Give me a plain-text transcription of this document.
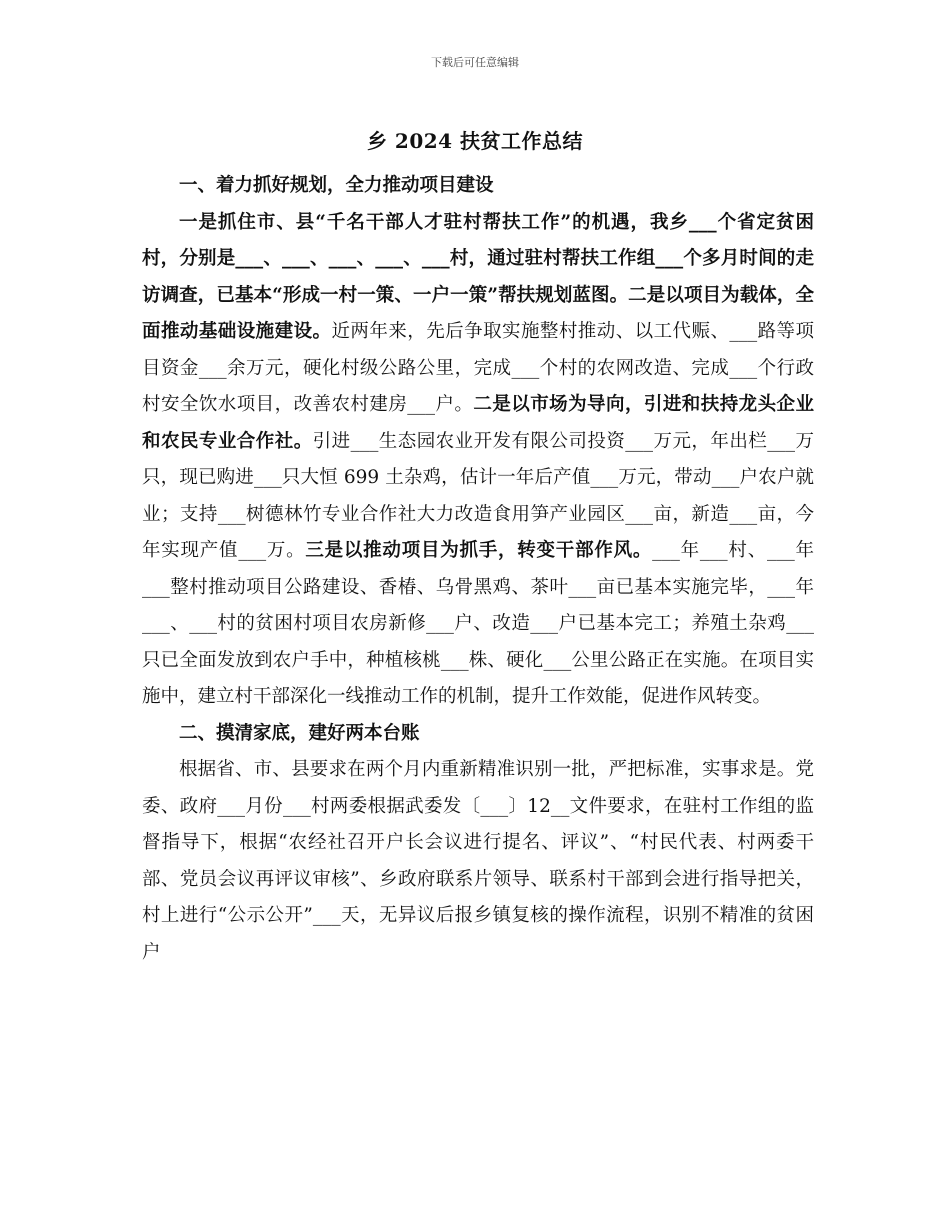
下载后可任意编辑
乡 2024 扶贫工作总结

一、着力抓好规划，全力推动项目建设

一是抓住市、县“千名干部人才驻村帮扶工作”的机遇，我乡___个省定贫困村，分别是___、___、___、___、___村，通过驻村帮扶工作组___个多月时间的走访调查，已基本“形成一村一策、一户一策”帮扶规划蓝图。二是以项目为载体，全面推动基础设施建设。近两年来，先后争取实施整村推动、以工代赈、___路等项目资金___余万元，硬化村级公路公里，完成___个村的农网改造、完成___个行政村安全饮水项目，改善农村建房___户。二是以市场为导向，引进和扶持龙头企业和农民专业合作社。引进___生态园农业开发有限公司投资___万元，年出栏___万只，现已购进___只大恒 699 土杂鸡，估计一年后产值___万元，带动___户农户就业；支持___树德林竹专业合作社大力改造食用笋产业园区___亩，新造___亩，今年实现产值___万。三是以推动项目为抓手，转变干部作风。___年___村、___年___整村推动项目公路建设、香椿、乌骨黑鸡、茶叶___亩已基本实施完毕，___年___、___村的贫困村项目农房新修___户、改造___户已基本完工；养殖土杂鸡___只已全面发放到农户手中，种植核桃___株、硬化___公里公路正在实施。在项目实施中，建立村干部深化一线推动工作的机制，提升工作效能，促进作风转变。

二、摸清家底，建好两本台账

根据省、市、县要求在两个月内重新精准识别一批，严把标准，实事求是。党委、政府___月份___村两委根据武委发〔___〕12__文件要求，在驻村工作组的监督指导下，根据“农经社召开户长会议进行提名、评议”、“村民代表、村两委干部、党员会议再评议审核”、乡政府联系片领导、联系村干部到会进行指导把关，村上进行“公示公开”___天，无异议后报乡镇复核的操作流程，识别不精准的贫困户
